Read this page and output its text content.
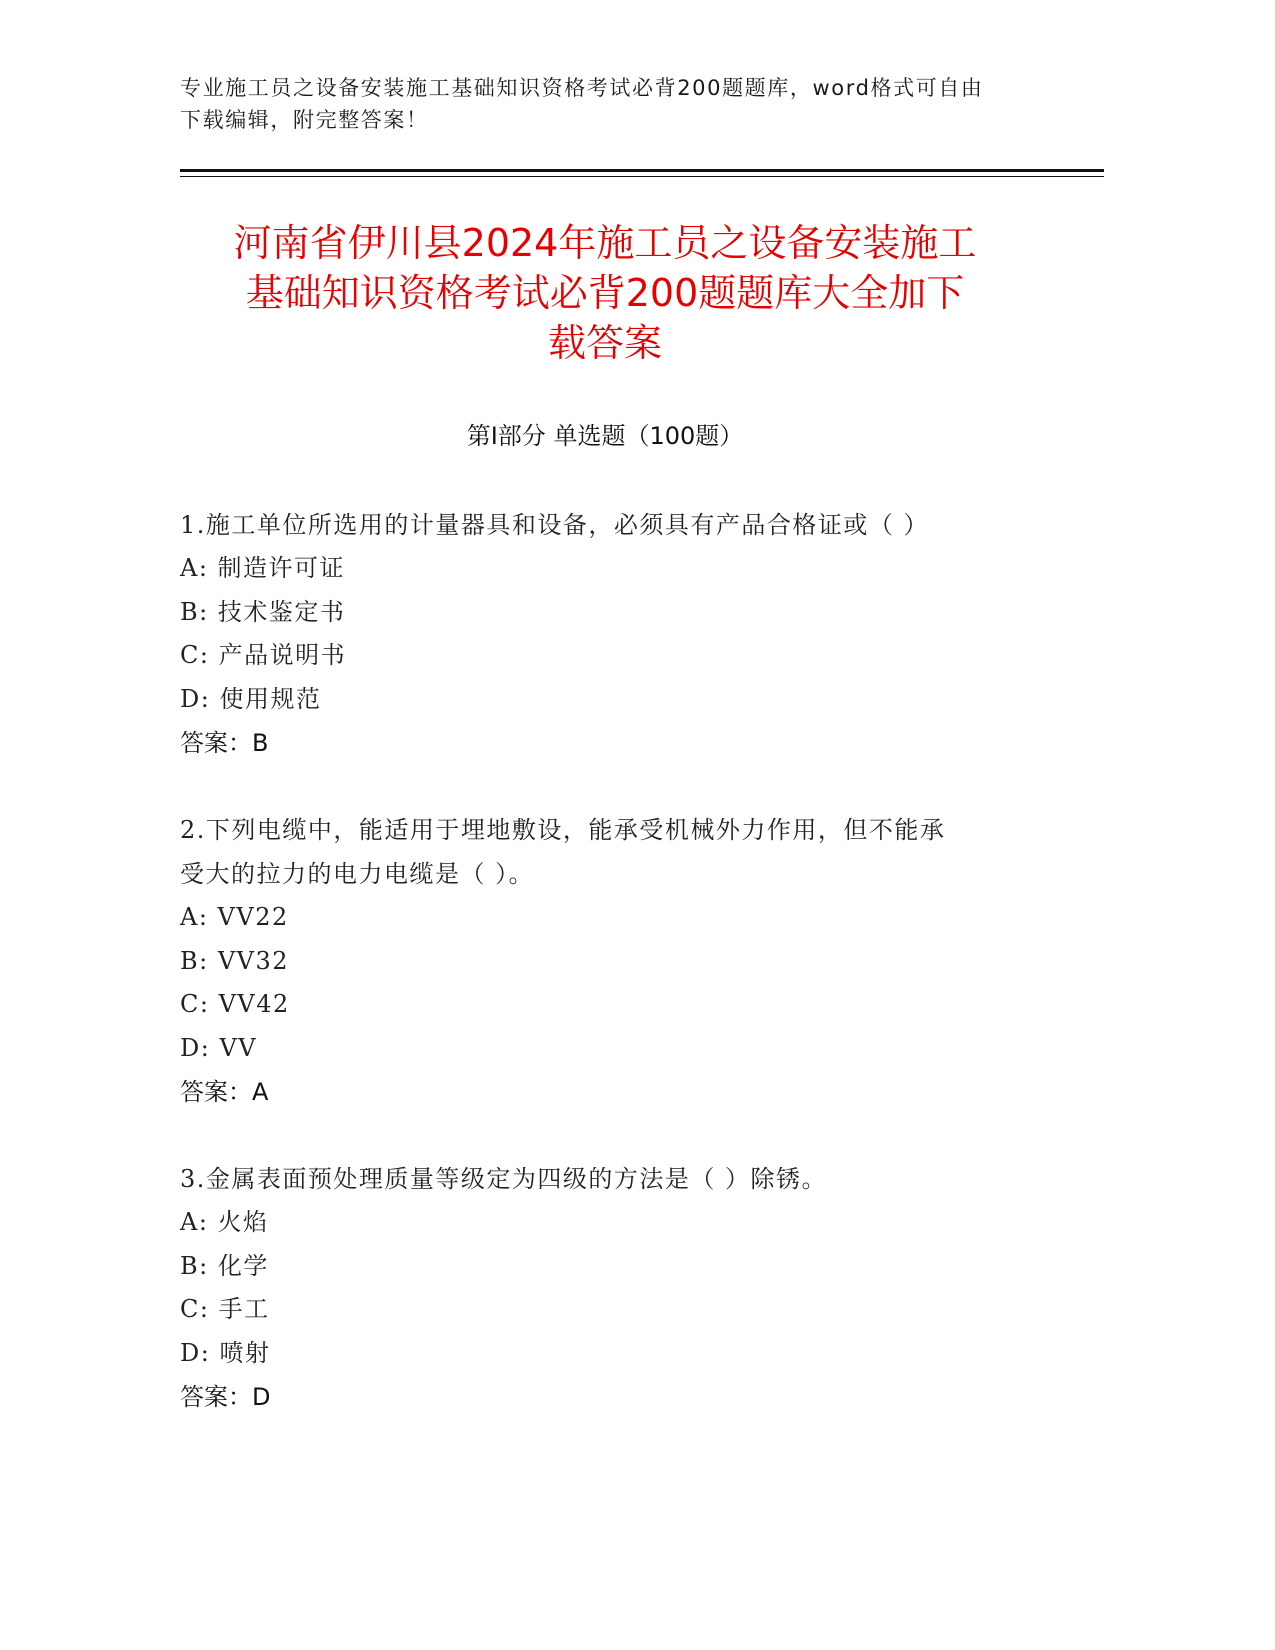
专业施工员之设备安装施工基础知识资格考试必背200题题库，word格式可自由
下载编辑，附完整答案！
河南省伊川县2024年施工员之设备安装施工
基础知识资格考试必背200题题库大全加下
载答案
第Ⅰ部分 单选题（100题）
1.施工单位所选用的计量器具和设备，必须具有产品合格证或（ ）
A: 制造许可证
B: 技术鉴定书
C: 产品说明书
D: 使用规范
答案：B
2.下列电缆中，能适用于埋地敷设，能承受机械外力作用，但不能承
受大的拉力的电力电缆是（ ）。
A: VV22
B: VV32
C: VV42
D: VV
答案：A
3.金属表面预处理质量等级定为四级的方法是（ ）除锈。
A: 火焰
B: 化学
C: 手工
D: 喷射
答案：D
